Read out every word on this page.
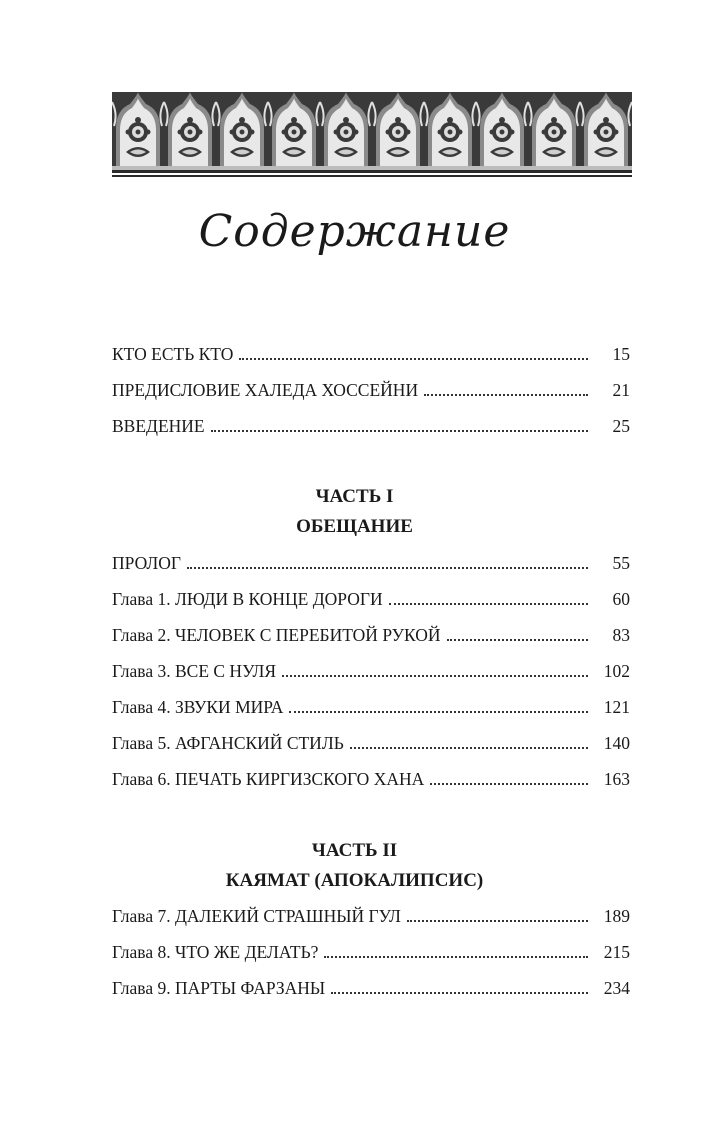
Содержание
КТО ЕСТЬ КТО	15
ПРЕДИСЛОВИЕ ХАЛЕДА ХОССЕЙНИ	21
ВВЕДЕНИЕ	25
ЧАСТЬ I
ОБЕЩАНИЕ
ПРОЛОГ	55
Глава 1. ЛЮДИ В КОНЦЕ ДОРОГИ	60
Глава 2. ЧЕЛОВЕК С ПЕРЕБИТОЙ РУКОЙ	83
Глава 3. ВСЕ С НУЛЯ	102
Глава 4. ЗВУКИ МИРА	121
Глава 5. АФГАНСКИЙ СТИЛЬ	140
Глава 6. ПЕЧАТЬ КИРГИЗСКОГО ХАНА	163
ЧАСТЬ II
КАЯМАТ (АПОКАЛИПСИС)
Глава 7. ДАЛЕКИЙ СТРАШНЫЙ ГУЛ	189
Глава 8. ЧТО ЖЕ ДЕЛАТЬ?	215
Глава 9. ПАРТЫ ФАРЗАНЫ	234
